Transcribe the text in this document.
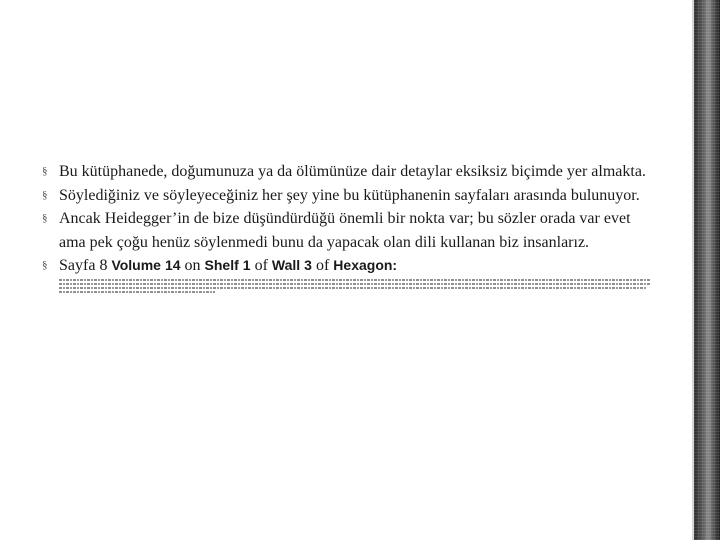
§ Bu kütüphanede, doğumunuza ya da ölümünüze dair detaylar eksiksiz biçimde yer almakta.
§ Söylediğiniz ve söyleyeceğiniz her şey yine bu kütüphanenin sayfaları arasında bulunuyor.
§ Ancak Heidegger’in de bize düşündürdüğü önemli bir nokta var; bu sözler orada var evet ama pek çoğu henüz söylenmedi bunu da yapacak olan dili kullanan biz insanlarız.
§ Sayfa 8 Volume 14 on Shelf 1 of Wall 3 of Hexagon:
